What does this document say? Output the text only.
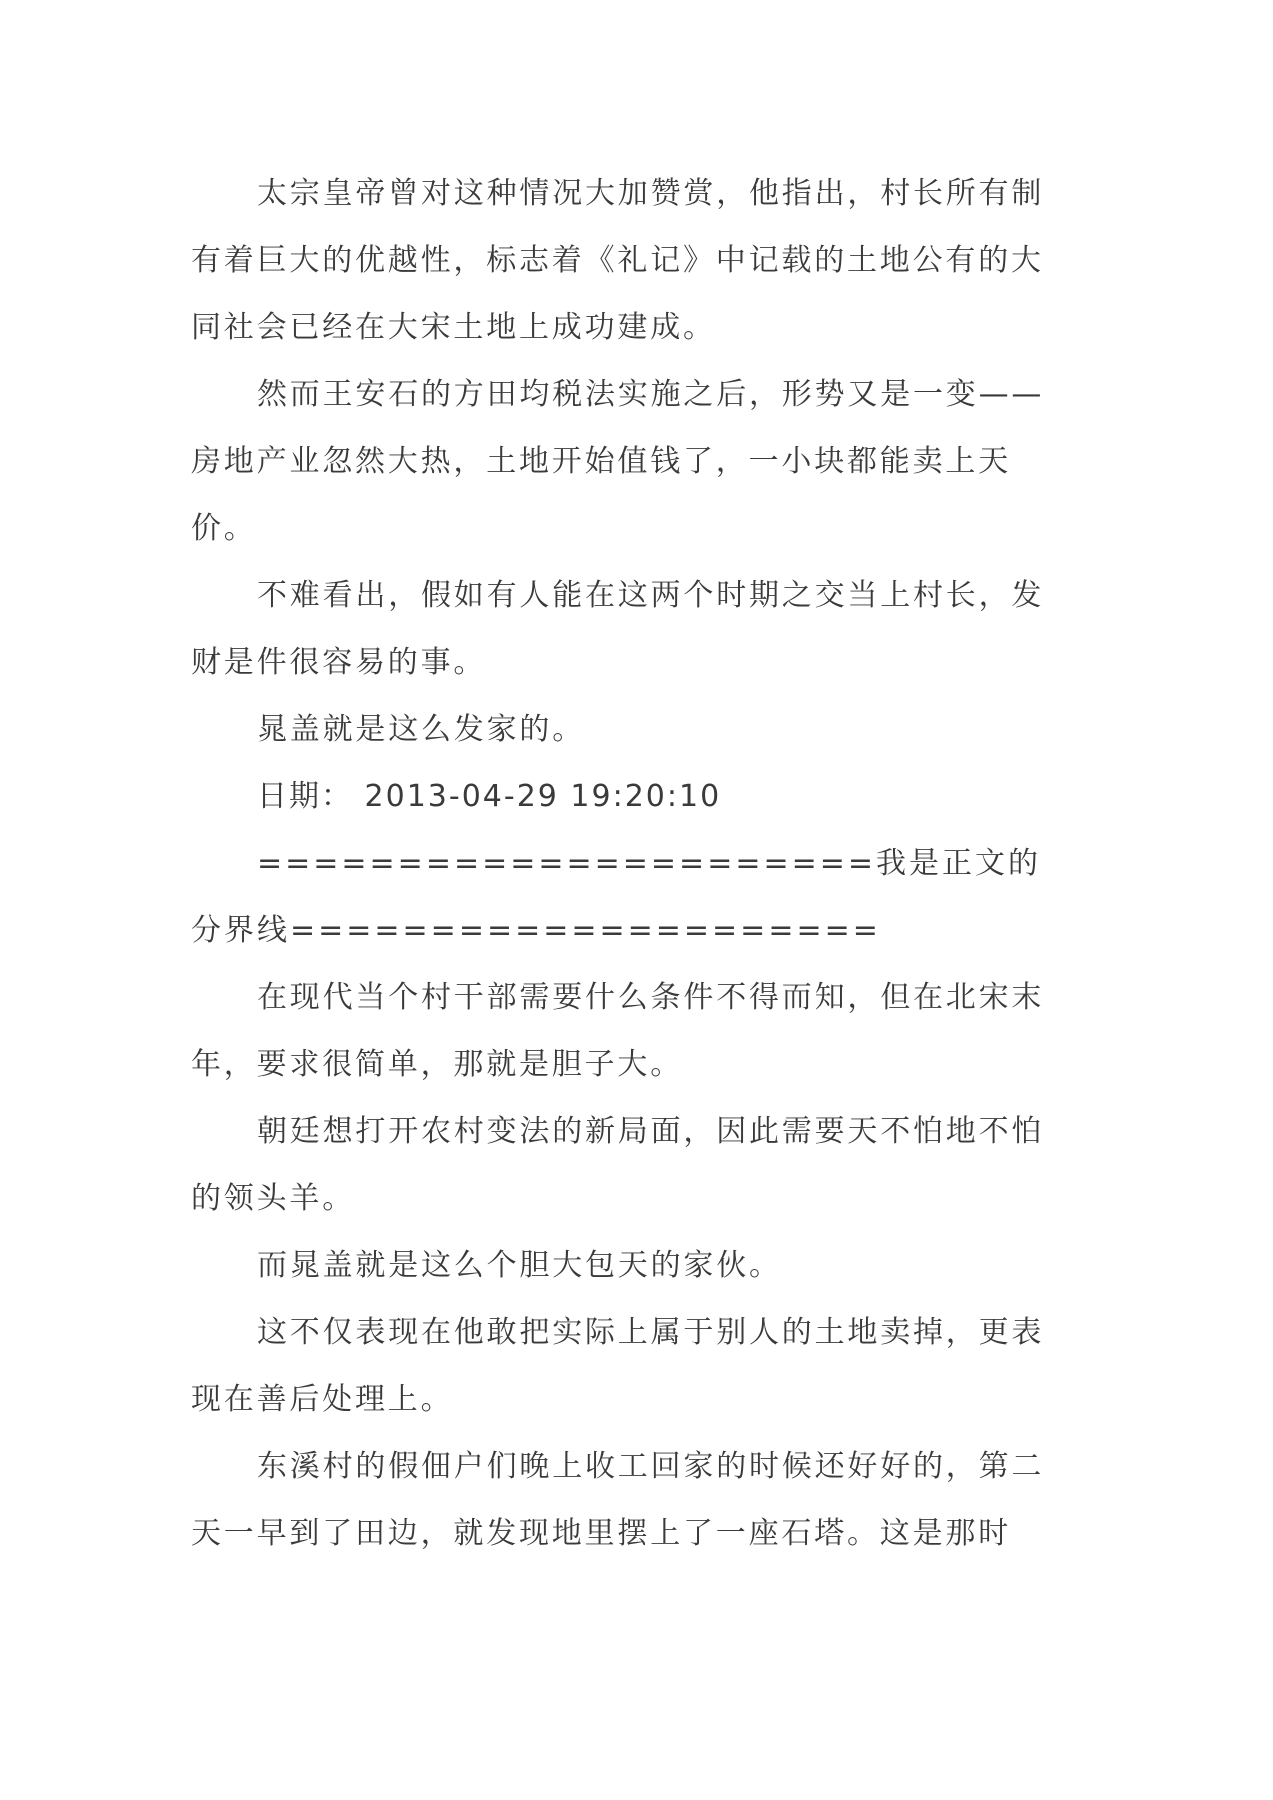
太宗皇帝曾对这种情况大加赞赏，他指出，村长所有制有着巨大的优越性，标志着《礼记》中记载的土地公有的大同社会已经在大宋土地上成功建成。

然而王安石的方田均税法实施之后，形势又是一变——房地产业忽然大热，土地开始值钱了，一小块都能卖上天价。

不难看出，假如有人能在这两个时期之交当上村长，发财是件很容易的事。

晁盖就是这么发家的。

日期： 2013-04-29 19:20:10

======================我是正文的分界线=====================

在现代当个村干部需要什么条件不得而知，但在北宋末年，要求很简单，那就是胆子大。

朝廷想打开农村变法的新局面，因此需要天不怕地不怕的领头羊。

而晁盖就是这么个胆大包天的家伙。

这不仅表现在他敢把实际上属于别人的土地卖掉，更表现在善后处理上。

东溪村的假佃户们晚上收工回家的时候还好好的，第二天一早到了田边，就发现地里摆上了一座石塔。这是那时
